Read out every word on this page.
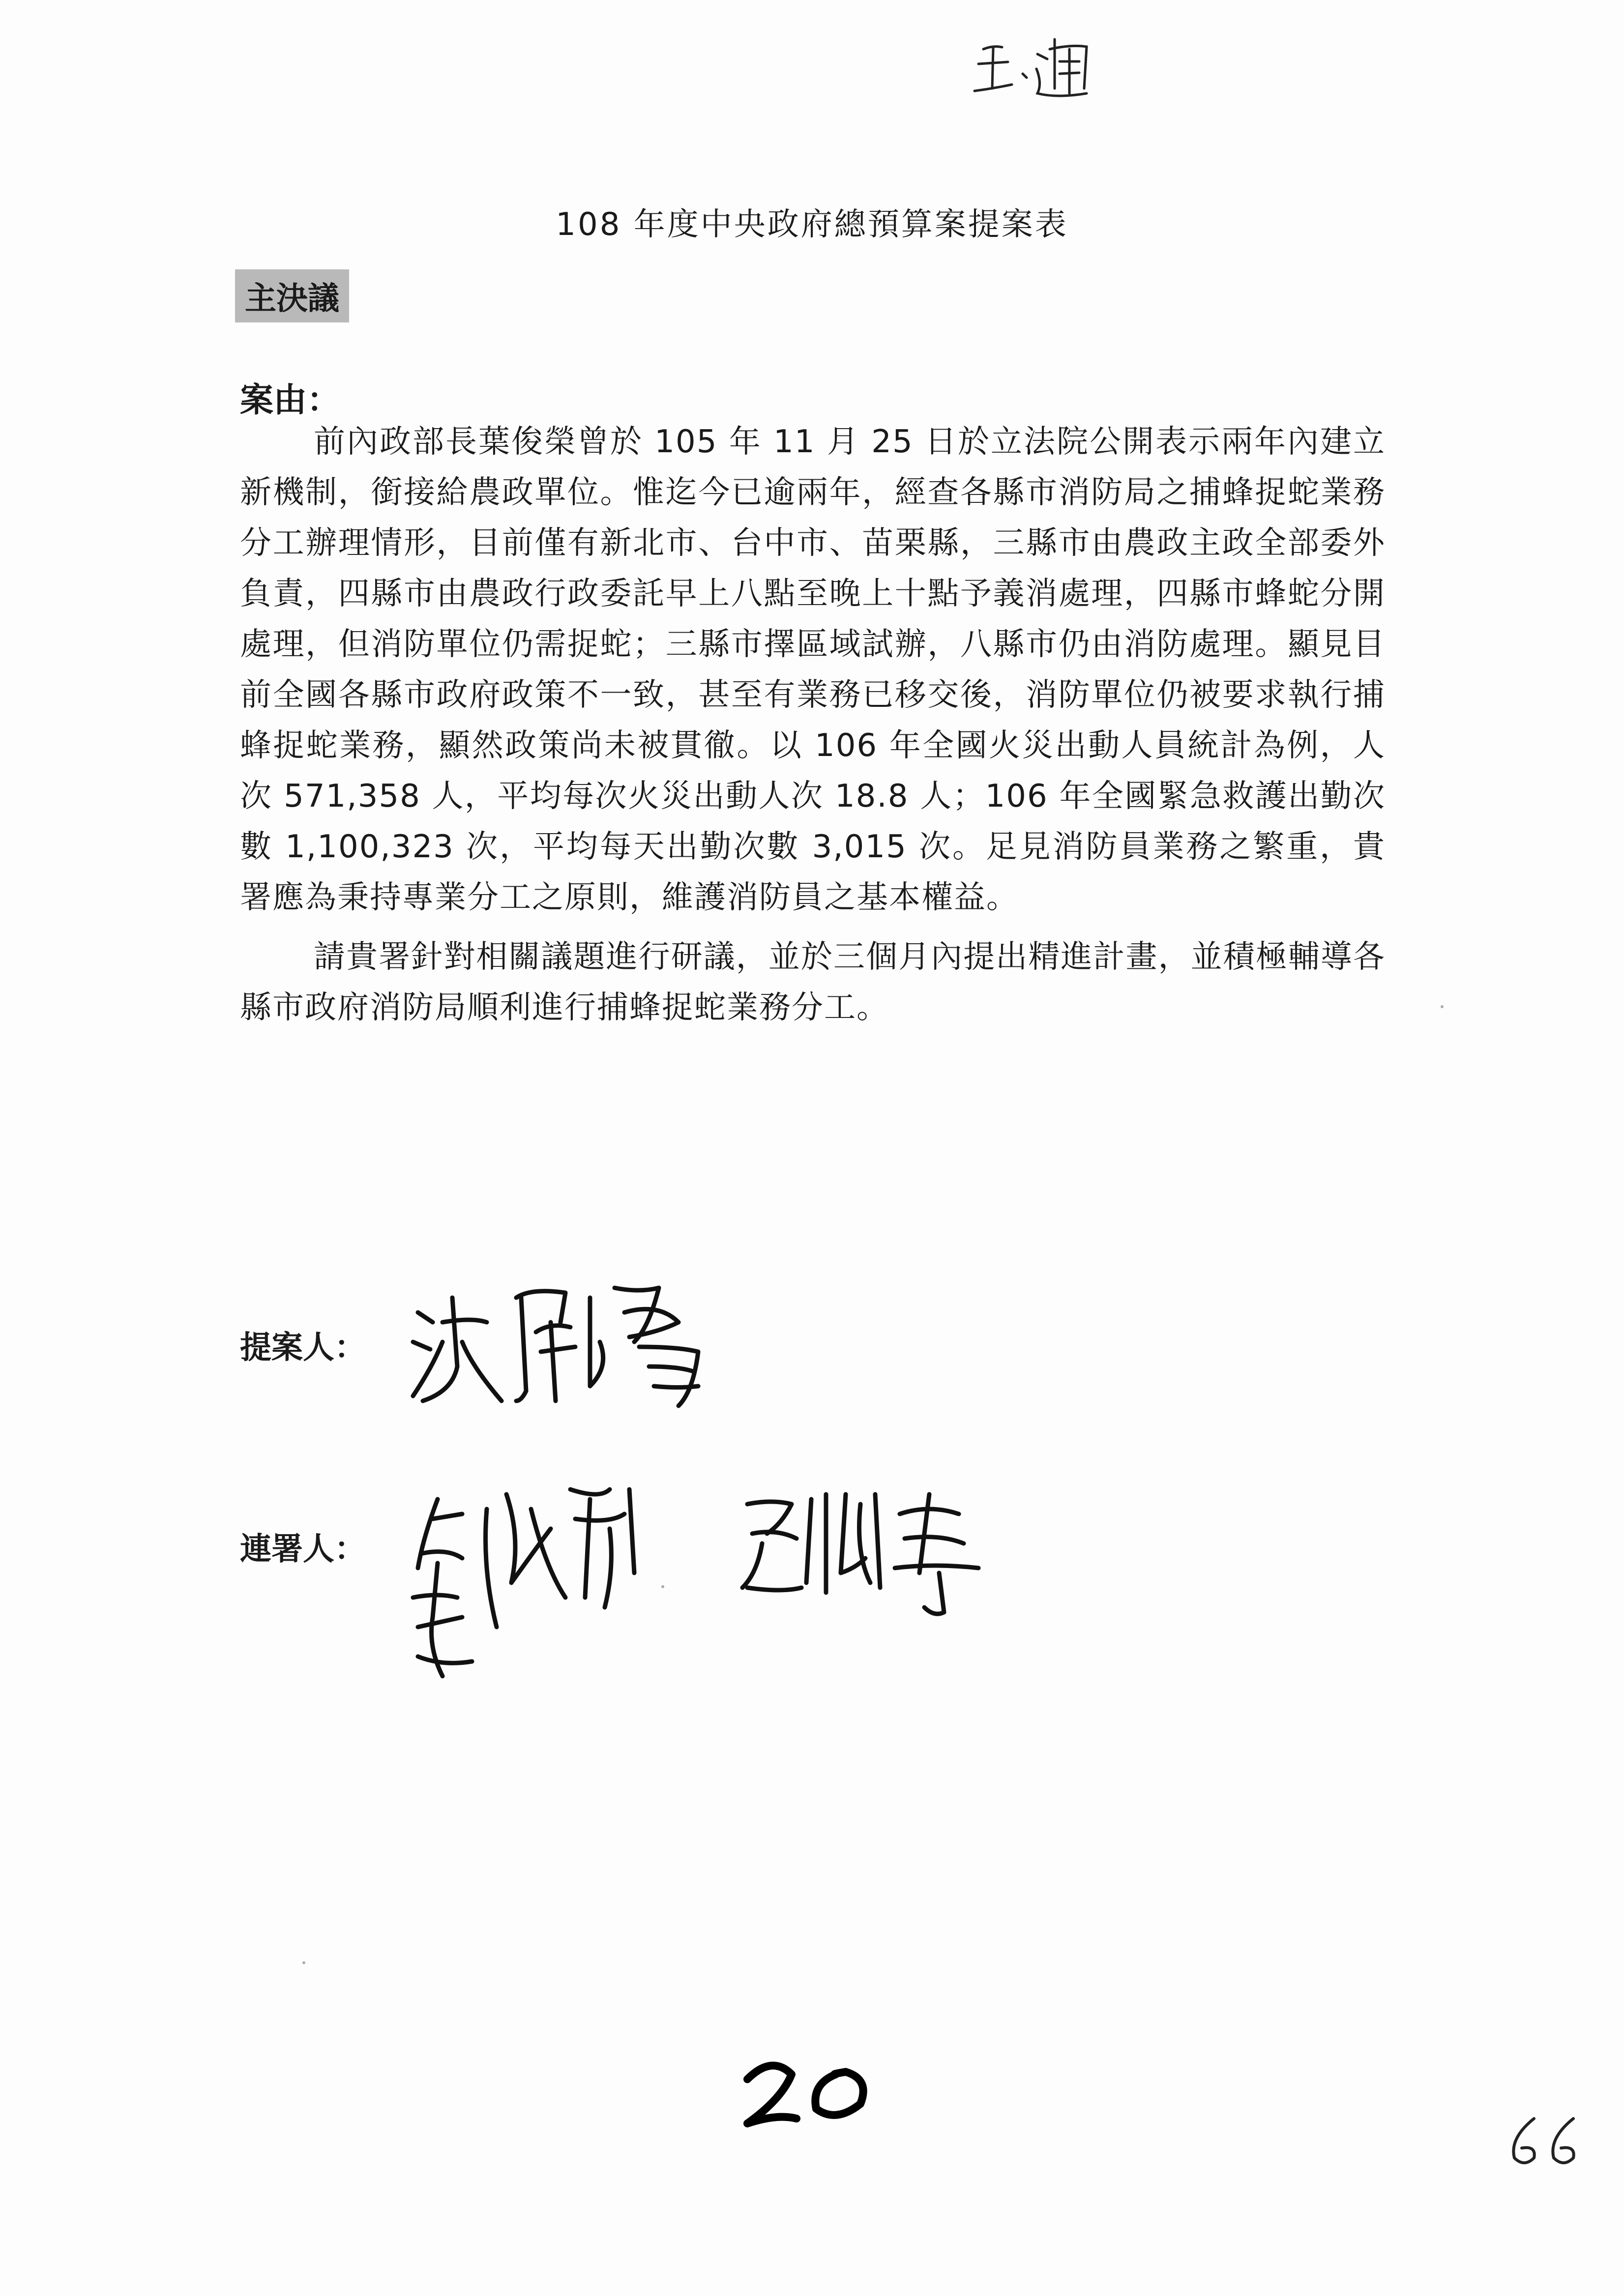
108 年度中央政府總預算案提案表
主決議
案由：

前內政部長葉俊榮曾於 105 年 11 月 25 日於立法院公開表示兩年內建立新機制，銜接給農政單位。惟迄今已逾兩年，經查各縣市消防局之捕蜂捉蛇業務分工辦理情形，目前僅有新北市、台中市、苗栗縣，三縣市由農政主政全部委外負責，四縣市由農政行政委託早上八點至晚上十點予義消處理，四縣市蜂蛇分開處理，但消防單位仍需捉蛇；三縣市擇區域試辦，八縣市仍由消防處理。顯見目前全國各縣市政府政策不一致，甚至有業務已移交後，消防單位仍被要求執行捕蜂捉蛇業務，顯然政策尚未被貫徹。以 106 年全國火災出動人員統計為例，人次 571,358 人，平均每次火災出動人次 18.8 人；106 年全國緊急救護出勤次數 1,100,323 次，平均每天出勤次數 3,015 次。足見消防員業務之繁重，貴署應為秉持專業分工之原則，維護消防員之基本權益。

請貴署針對相關議題進行研議，並於三個月內提出精進計畫，並積極輔導各縣市政府消防局順利進行捕蜂捉蛇業務分工。

提案人：
連署人：
